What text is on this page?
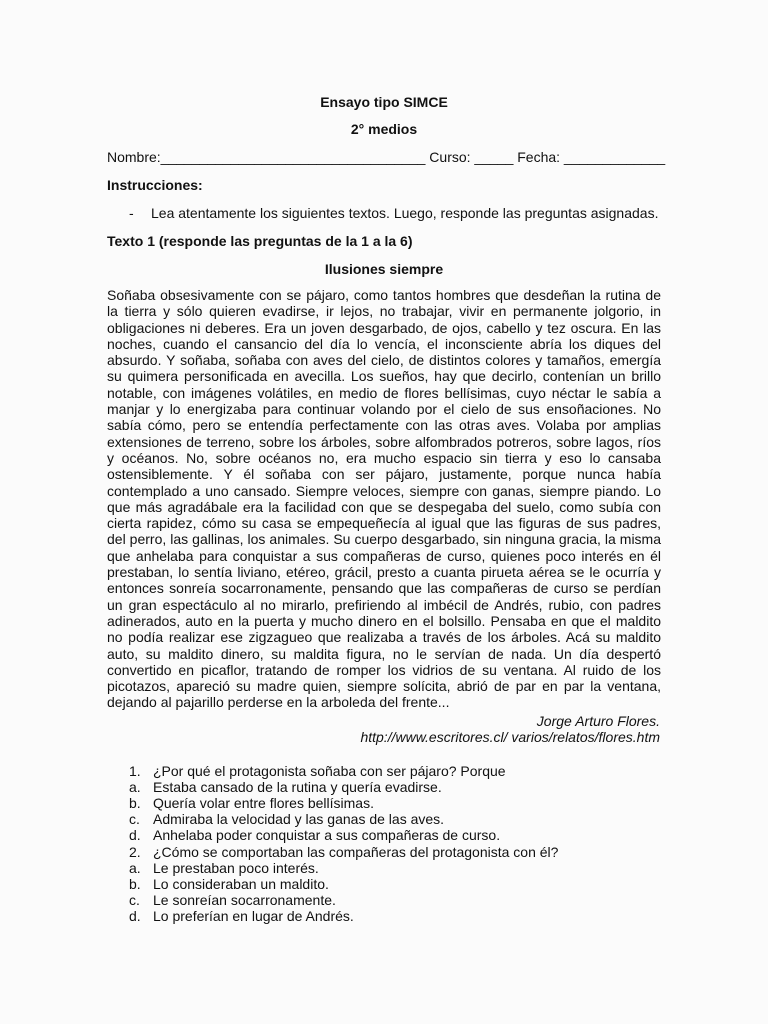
Ensayo tipo SIMCE
2° medios
Nombre:__________________________________ Curso: _____ Fecha: _____________
Instrucciones:
- Lea atentamente los siguientes textos. Luego, responde las preguntas asignadas.
Texto 1 (responde las preguntas de la 1 a la 6)
Ilusiones siempre
Soñaba obsesivamente con se pájaro, como tantos hombres que desdeñan la rutina de la tierra y sólo quieren evadirse, ir lejos, no trabajar, vivir en permanente jolgorio, in obligaciones ni deberes. Era un joven desgarbado, de ojos, cabello y tez oscura. En las noches, cuando el cansancio del día lo vencía, el inconsciente abría los diques del absurdo. Y soñaba, soñaba con aves del cielo, de distintos colores y tamaños, emergía su quimera personificada en avecilla. Los sueños, hay que decirlo, contenían un brillo notable, con imágenes volátiles, en medio de flores bellísimas, cuyo néctar le sabía a manjar y lo energizaba para continuar volando por el cielo de sus ensoñaciones. No sabía cómo, pero se entendía perfectamente con las otras aves. Volaba por amplias extensiones de terreno, sobre los árboles, sobre alfombrados potreros, sobre lagos, ríos y océanos. No, sobre océanos no, era mucho espacio sin tierra y eso lo cansaba ostensiblemente. Y él soñaba con ser pájaro, justamente, porque nunca había contemplado a uno cansado. Siempre veloces, siempre con ganas, siempre piando. Lo que más agradábale era la facilidad con que se despegaba del suelo, como subía con cierta rapidez, cómo su casa se empequeñecía al igual que las figuras de sus padres, del perro, las gallinas, los animales. Su cuerpo desgarbado, sin ninguna gracia, la misma que anhelaba para conquistar a sus compañeras de curso, quienes poco interés en él prestaban, lo sentía liviano, etéreo, grácil, presto a cuanta pirueta aérea se le ocurría y entonces sonreía socarronamente, pensando que las compañeras de curso se perdían un gran espectáculo al no mirarlo, prefiriendo al imbécil de Andrés, rubio, con padres adinerados, auto en la puerta y mucho dinero en el bolsillo. Pensaba en que el maldito no podía realizar ese zigzagueo que realizaba a través de los árboles. Acá su maldito auto, su maldito dinero, su maldita figura, no le servían de nada. Un día despertó convertido en picaflor, tratando de romper los vidrios de su ventana. Al ruido de los picotazos, apareció su madre quien, siempre solícita, abrió de par en par la ventana, dejando al pajarillo perderse en la arboleda del frente...
Jorge Arturo Flores.
http://www.escritores.cl/ varios/relatos/flores.htm
1. ¿Por qué el protagonista soñaba con ser pájaro? Porque
a. Estaba cansado de la rutina y quería evadirse.
b. Quería volar entre flores bellísimas.
c. Admiraba la velocidad y las ganas de las aves.
d. Anhelaba poder conquistar a sus compañeras de curso.
2. ¿Cómo se comportaban las compañeras del protagonista con él?
a. Le prestaban poco interés.
b. Lo consideraban un maldito.
c. Le sonreían socarronamente.
d. Lo preferían en lugar de Andrés.
